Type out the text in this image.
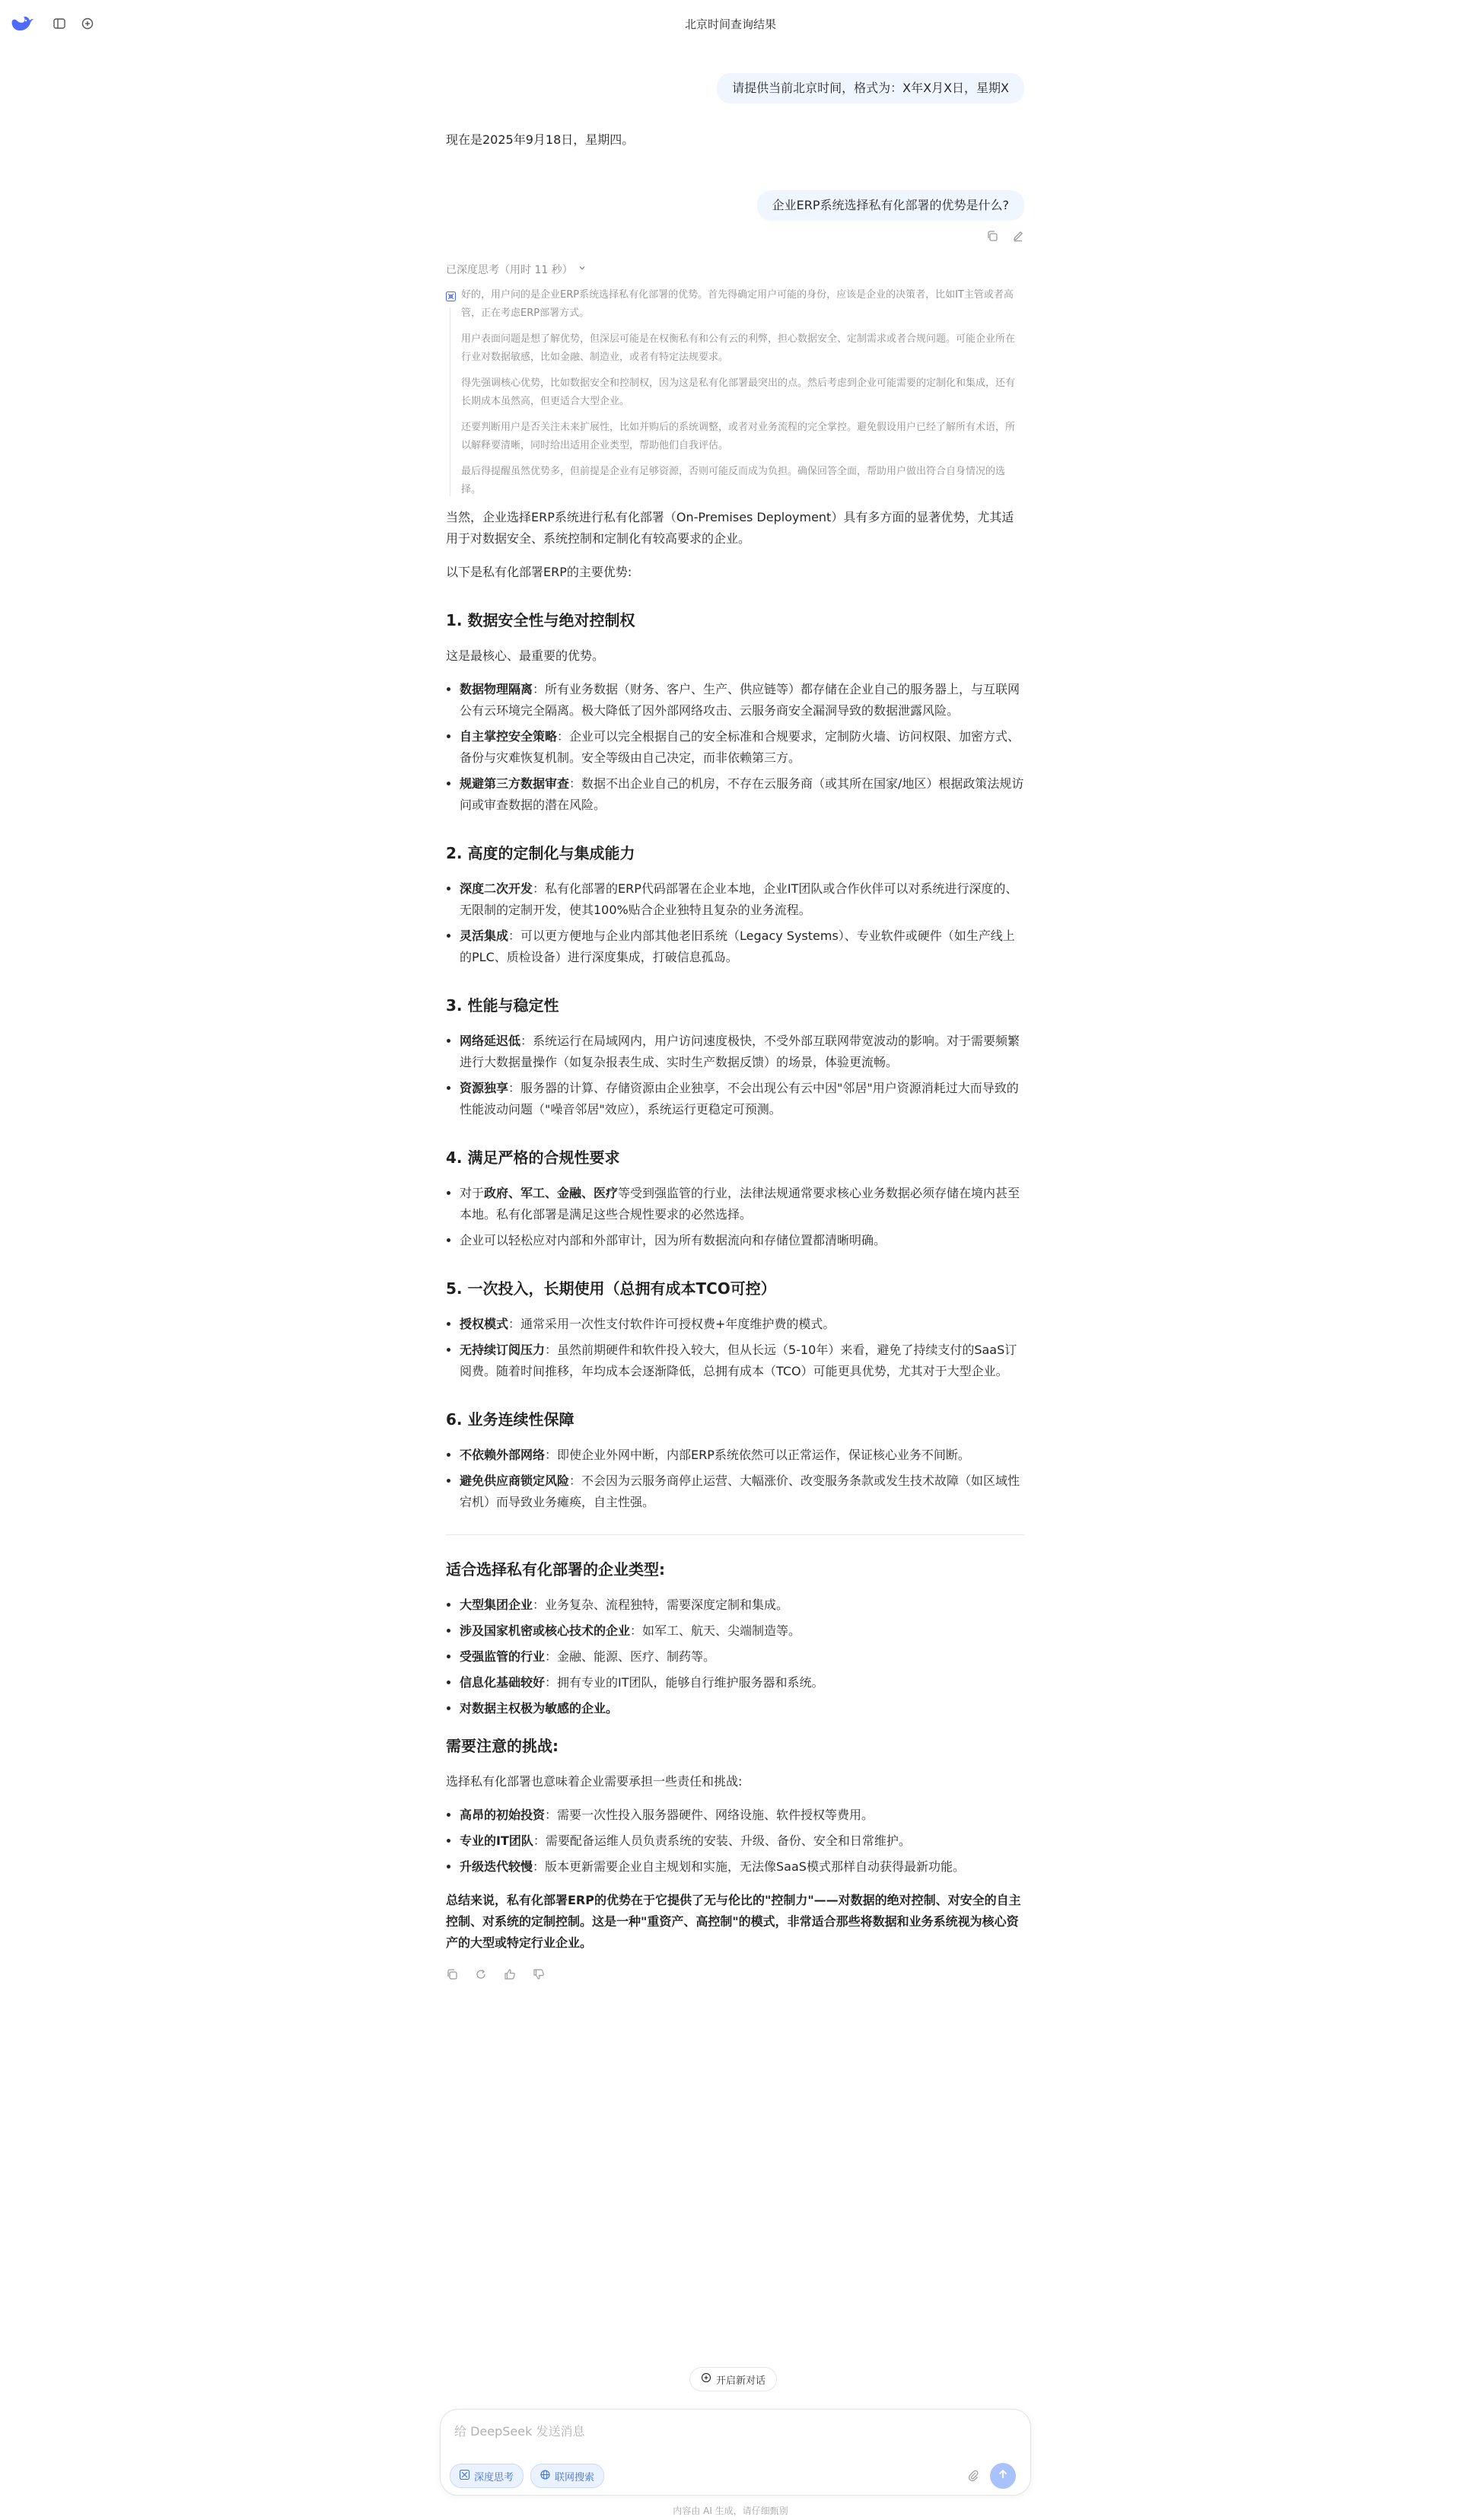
北京时间查询结果
请提供当前北京时间，格式为：X年X月X日，星期X

现在是2025年9月18日，星期四。

企业ERP系统选择私有化部署的优势是什么?
已深度思考（用时 11 秒）

好的，用户问的是企业ERP系统选择私有化部署的优势。首先得确定用户可能的身份，应该是企业的决策者，比如IT主管或者高管，正在考虑ERP部署方式。

用户表面问题是想了解优势，但深层可能是在权衡私有和公有云的利弊，担心数据安全、定制需求或者合规问题。可能企业所在行业对数据敏感，比如金融、制造业，或者有特定法规要求。

得先强调核心优势，比如数据安全和控制权，因为这是私有化部署最突出的点。然后考虑到企业可能需要的定制化和集成，还有长期成本虽然高，但更适合大型企业。

还要判断用户是否关注未来扩展性，比如并购后的系统调整，或者对业务流程的完全掌控。避免假设用户已经了解所有术语，所以解释要清晰，同时给出适用企业类型，帮助他们自我评估。

最后得提醒虽然优势多，但前提是企业有足够资源，否则可能反而成为负担。确保回答全面，帮助用户做出符合自身情况的选择。

当然，企业选择ERP系统进行私有化部署（On-Premises Deployment）具有多方面的显著优势，尤其适用于对数据安全、系统控制和定制化有较高要求的企业。

以下是私有化部署ERP的主要优势:

1. 数据安全性与绝对控制权

这是最核心、最重要的优势。

• 数据物理隔离：所有业务数据（财务、客户、生产、供应链等）都存储在企业自己的服务器上，与互联网公有云环境完全隔离。极大降低了因外部网络攻击、云服务商安全漏洞导致的数据泄露风险。
• 自主掌控安全策略：企业可以完全根据自己的安全标准和合规要求，定制防火墙、访问权限、加密方式、备份与灾难恢复机制。安全等级由自己决定，而非依赖第三方。
• 规避第三方数据审查：数据不出企业自己的机房，不存在云服务商（或其所在国家/地区）根据政策法规访问或审查数据的潜在风险。
2. 高度的定制化与集成能力
• 深度二次开发：私有化部署的ERP代码部署在企业本地，企业IT团队或合作伙伴可以对系统进行深度的、无限制的定制开发，使其100%贴合企业独特且复杂的业务流程。
• 灵活集成：可以更方便地与企业内部其他老旧系统（Legacy Systems）、专业软件或硬件（如生产线上的PLC、质检设备）进行深度集成，打破信息孤岛。
3. 性能与稳定性
• 网络延迟低：系统运行在局域网内，用户访问速度极快，不受外部互联网带宽波动的影响。对于需要频繁进行大数据量操作（如复杂报表生成、实时生产数据反馈）的场景，体验更流畅。
• 资源独享：服务器的计算、存储资源由企业独享，不会出现公有云中因"邻居"用户资源消耗过大而导致的性能波动问题（"噪音邻居"效应），系统运行更稳定可预测。
4. 满足严格的合规性要求
• 对于政府、军工、金融、医疗等受到强监管的行业，法律法规通常要求核心业务数据必须存储在境内甚至本地。私有化部署是满足这些合规性要求的必然选择。
• 企业可以轻松应对内部和外部审计，因为所有数据流向和存储位置都清晰明确。
5. 一次投入，长期使用（总拥有成本TCO可控）
• 授权模式：通常采用一次性支付软件许可授权费+年度维护费的模式。
• 无持续订阅压力：虽然前期硬件和软件投入较大，但从长远（5-10年）来看，避免了持续支付的SaaS订阅费。随着时间推移，年均成本会逐渐降低，总拥有成本（TCO）可能更具优势，尤其对于大型企业。
6. 业务连续性保障
• 不依赖外部网络：即使企业外网中断，内部ERP系统依然可以正常运作，保证核心业务不间断。
• 避免供应商锁定风险：不会因为云服务商停止运营、大幅涨价、改变服务条款或发生技术故障（如区域性宕机）而导致业务瘫痪，自主性强。
适合选择私有化部署的企业类型:
• 大型集团企业：业务复杂、流程独特，需要深度定制和集成。
• 涉及国家机密或核心技术的企业：如军工、航天、尖端制造等。
• 受强监管的行业：金融、能源、医疗、制药等。
• 信息化基础较好：拥有专业的IT团队，能够自行维护服务器和系统。
• 对数据主权极为敏感的企业。
需要注意的挑战:

选择私有化部署也意味着企业需要承担一些责任和挑战:

• 高昂的初始投资：需要一次性投入服务器硬件、网络设施、软件授权等费用。
• 专业的IT团队：需要配备运维人员负责系统的安装、升级、备份、安全和日常维护。
• 升级迭代较慢：版本更新需要企业自主规划和实施，无法像SaaS模式那样自动获得最新功能。

总结来说，私有化部署ERP的优势在于它提供了无与伦比的"控制力"——对数据的绝对控制、对安全的自主控制、对系统的定制控制。这是一种"重资产、高控制"的模式，非常适合那些将数据和业务系统视为核心资产的大型或特定行业企业。

开启新对话
给 DeepSeek 发送消息
深度思考	联网搜索
内容由 AI 生成，请仔细甄别
